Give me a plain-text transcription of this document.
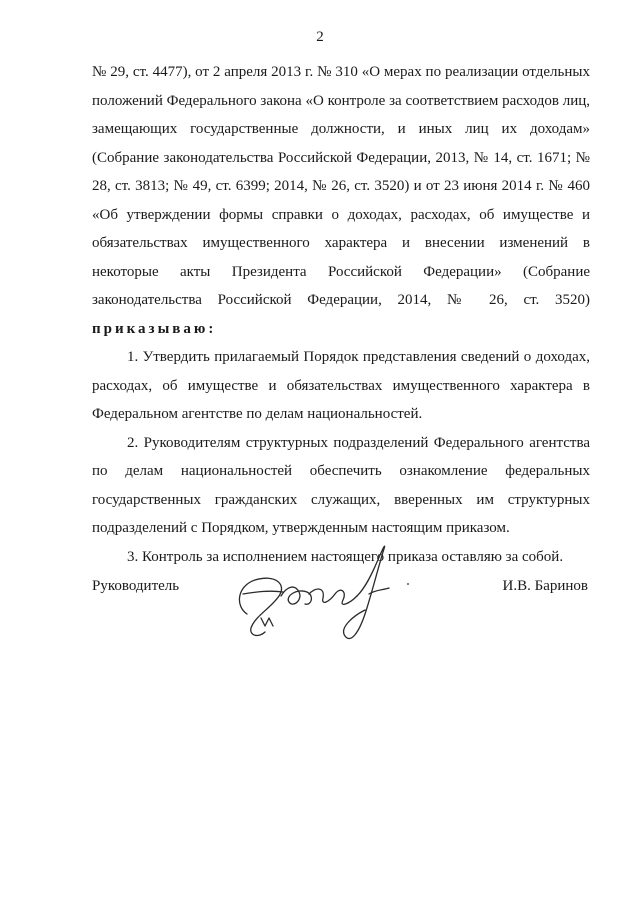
2

№ 29, ст. 4477), от 2 апреля 2013 г. № 310 «О мерах по реализации отдельных положений Федерального закона «О контроле за соответствием расходов лиц, замещающих государственные должности, и иных лиц их доходам» (Собрание законодательства Российской Федерации, 2013, № 14, ст. 1671; № 28, ст. 3813; № 49, ст. 6399; 2014, № 26, ст. 3520) и от 23 июня 2014 г. № 460 «Об утверждении формы справки о доходах, расходах, об имуществе и обязательствах имущественного характера и внесении изменений в некоторые акты Президента Российской Федерации» (Собрание законодательства Российской Федерации, 2014, № 26, ст. 3520) приказываю:

1. Утвердить прилагаемый Порядок представления сведений о доходах, расходах, об имуществе и обязательствах имущественного характера в Федеральном агентстве по делам национальностей.

2. Руководителям структурных подразделений Федерального агентства по делам национальностей обеспечить ознакомление федеральных государственных гражданских служащих, вверенных им структурных подразделений с Порядком, утвержденным настоящим приказом.

3. Контроль за исполнением настоящего приказа оставляю за собой.

Руководитель	И.В. Баринов
